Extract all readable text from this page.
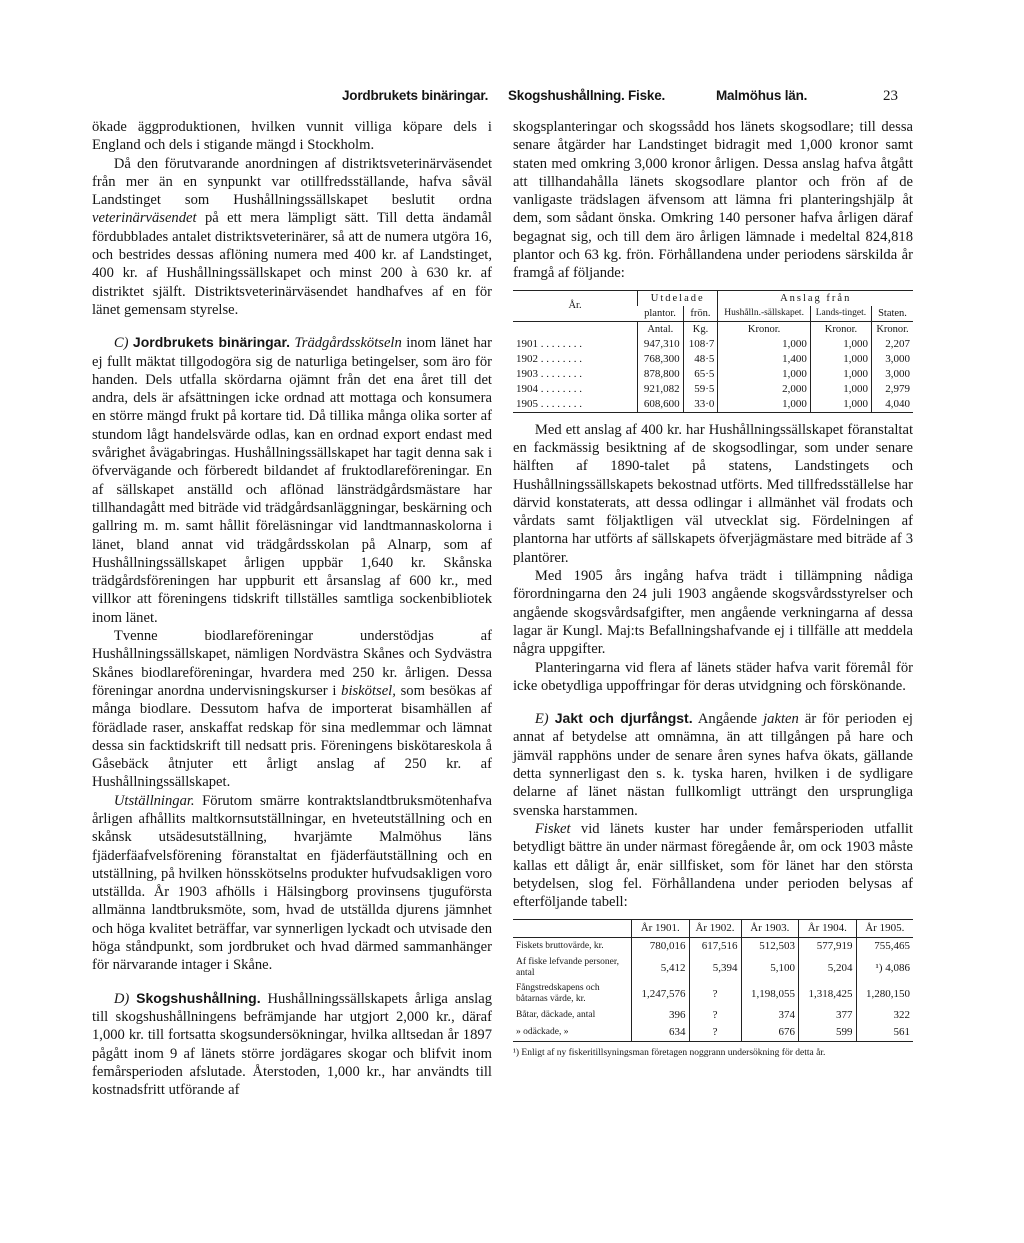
Jordbrukets binäringar. Skogshushållning. Fiske.	Malmöhus län.	23

ökade äggproduktionen, hvilken vunnit villiga köpare dels i England och dels i stigande mängd i Stockholm.

Då den förutvarande anordningen af distriktsveterinärväsendet från mer än en synpunkt var otillfredsställande, hafva såväl Landstinget som Hushållningssällskapet beslutit ordna veterinärväsendet på ett mera lämpligt sätt. Till detta ändamål fördubblades antalet distriktsveterinärer, så att de numera utgöra 16, och bestrides dessas aflöning numera med 400 kr. af Landstinget, 400 kr. af Hushållningssällskapet och minst 200 à 630 kr. af distriktet själft. Distriktsveterinärväsendet handhafves af en för länet gemensam styrelse.

C) Jordbrukets binäringar. Trädgårdsskötseln inom länet har ej fullt mäktat tillgodogöra sig de naturliga betingelser, som äro för handen. Dels utfalla skördarna ojämnt från det ena året till det andra, dels är afsättningen icke ordnad att mottaga och konsumera en större mängd frukt på kortare tid. Då tillika många olika sorter af stundom lågt handelsvärde odlas, kan en ordnad export endast med svårighet åvägabringas. Hushållningssällskapet har tagit denna sak i öfvervägande och förberedt bildandet af fruktodlareföreningar. En af sällskapet anställd och aflönad länsträdgårdsmästare har tillhandagått med biträde vid trädgårdsanläggningar, beskärning och gallring m. m. samt hållit föreläsningar vid landtmannaskolorna i länet, bland annat vid trädgårdsskolan på Alnarp, som af Hushållningssällskapet årligen uppbär 1,640 kr. Skånska trädgårdsföreningen har uppburit ett årsanslag af 600 kr., med villkor att föreningens tidskrift tillställes samtliga sockenbibliotek inom länet.

Tvenne biodlareföreningar understödjas af Hushållningssällskapet, nämligen Nordvästra Skånes och Sydvästra Skånes biodlareföreningar, hvardera med 250 kr. årligen. Dessa föreningar anordna undervisningskurser i biskötsel, som besökas af många biodlare. Dessutom hafva de importerat bisamhällen af förädlade raser, anskaffat redskap för sina medlemmar och lämnat dessa sin facktidskrift till nedsatt pris. Föreningens biskötareskola å Gåsebäck åtnjuter ett årligt anslag af 250 kr. af Hushållningssällskapet.

Utställningar. Förutom smärre kontraktslandtbruksmötenhafva årligen afhållits maltkornsutställningar, en hveteutställning och en skånsk utsädesutställning, hvarjämte Malmöhus läns fjäderfäafvelsförening föranstaltat en fjäderfäutställning och en utställning, på hvilken hönsskötselns produkter hufvudsakligen voro utställda. År 1903 afhölls i Hälsingborg provinsens tjuguförsta allmänna landtbruksmöte, som, hvad de utställda djurens jämnhet och höga kvalitet beträffar, var synnerligen lyckadt och utvisade den höga ståndpunkt, som jordbruket och hvad därmed sammanhänger för närvarande intager i Skåne.

D) Skogshushållning. Hushållningssällskapets årliga anslag till skogshushållningens befrämjande har utgjort 2,000 kr., däraf 1,000 kr. till fortsatta skogsundersökningar, hvilka alltsedan år 1897 pågått inom 9 af länets större jordägares skogar och blifvit inom femårsperioden afslutade. Återstoden, 1,000 kr., har användts till kostnadsfritt utförande af

skogsplanteringar och skogssådd hos länets skogsodlare; till dessa senare åtgärder har Landstinget bidragit med 1,000 kronor samt staten med omkring 3,000 kronor årligen. Dessa anslag hafva åtgått att tillhandahålla länets skogsodlare plantor och frön af de vanligaste trädslagen äfvensom att lämna fri planteringshjälp åt dem, som sådant önska. Omkring 140 personer hafva årligen däraf begagnat sig, och till dem äro årligen lämnade i medeltal 824,818 plantor och 63 kg. frön. Förhållandena under periodens särskilda år framgå af följande:

År.	Utdelade		Anslag från		
	plantor.	frön.	Hushålln.-sällskapet.	Lands-tinget.	Staten.
	Antal.	Kg.	Kronor.	Kronor.	Kronor.
1901 . . . . . . . .	947,310	108·7	1,000	1,000	2,207
1902 . . . . . . . .	768,300	48·5	1,400	1,000	3,000
1903 . . . . . . . .	878,800	65·5	1,000	1,000	3,000
1904 . . . . . . . .	921,082	59·5	2,000	1,000	2,979
1905 . . . . . . . .	608,600	33·0	1,000	1,000	4,040

Med ett anslag af 400 kr. har Hushållningssällskapet föranstaltat en fackmässig besiktning af de skogsodlingar, som under senare hälften af 1890-talet på statens, Landstingets och Hushållningssällskapets bekostnad utförts. Med tillfredsställelse har därvid konstaterats, att dessa odlingar i allmänhet väl frodats och vårdats samt följaktligen väl utvecklat sig. Fördelningen af plantorna har utförts af sällskapets öfverjägmästare med biträde af 3 plantörer.

Med 1905 års ingång hafva trädt i tillämpning nådiga förordningarna den 24 juli 1903 angående skogsvårdsstyrelser och angående skogsvårdsafgifter, men angående verkningarna af dessa lagar är Kungl. Maj:ts Befallningshafvande ej i tillfälle att meddela några uppgifter.

Planteringarna vid flera af länets städer hafva varit föremål för icke obetydliga uppoffringar för deras utvidgning och förskönande.

E) Jakt och djurfångst. Angående jakten är för perioden ej annat af betydelse att omnämna, än att tillgången på hare och jämväl rapphöns under de senare åren synes hafva ökats, gällande detta synnerligast den s. k. tyska haren, hvilken i de sydligare delarne af länet nästan fullkomligt utträngt den ursprungliga svenska harstammen.

Fisket vid länets kuster har under femårsperioden utfallit betydligt bättre än under närmast föregående år, om ock 1903 måste kallas ett dåligt år, enär sillfisket, som för länet har den största betydelsen, slog fel. Förhållandena under perioden belysas af efterföljande tabell:

	År 1901.	År 1902.	År 1903.	År 1904.	År 1905.
Fiskets bruttovärde, kr.	780,016	617,516	512,503	577,919	755,465
Af fiske lefvande personer, antal	5,412	5,394	5,100	5,204	¹) 4,086
Fångstredskapens och båtarnas värde, kr.	1,247,576	?	1,198,055	1,318,425	1,280,150
Båtar, däckade, antal	396	?	374	377	322
» odäckade, »	634	?	676	599	561
¹) Enligt af ny fiskeritillsyningsman företagen noggrann undersökning för detta år.
